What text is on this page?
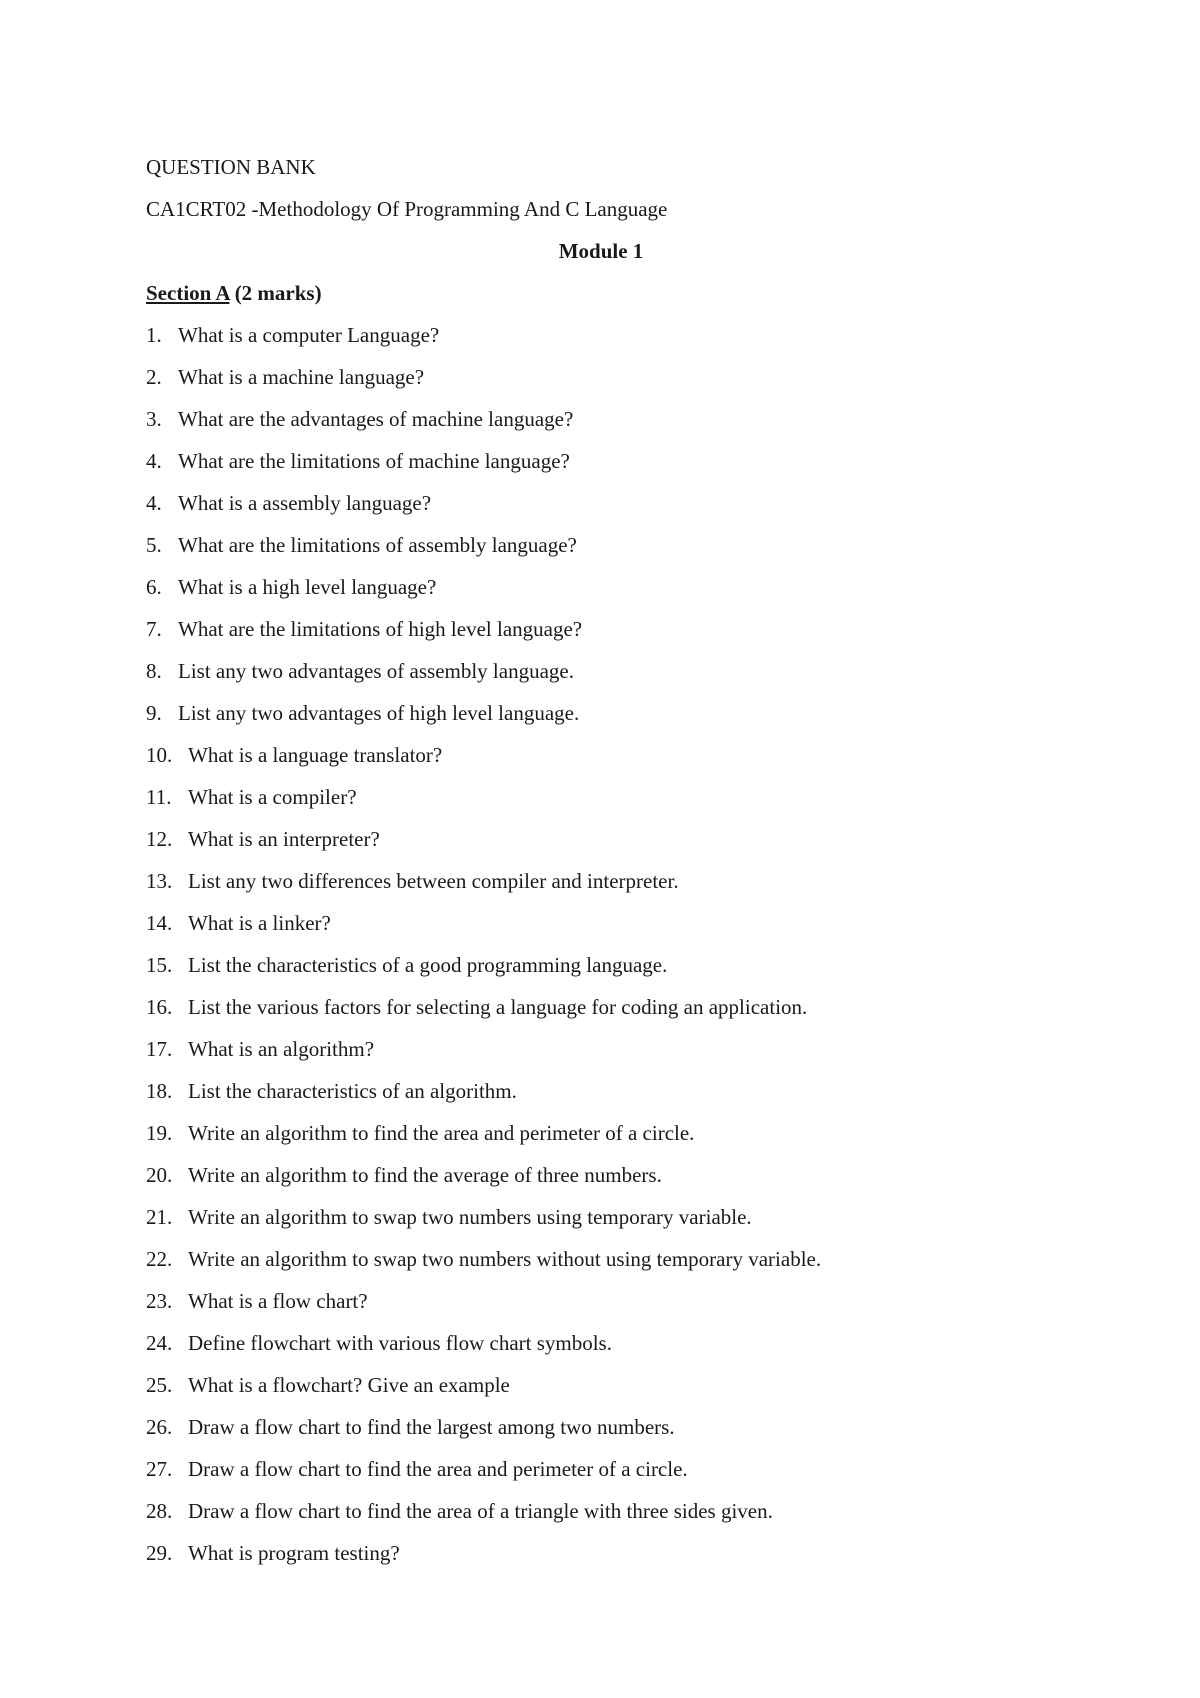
QUESTION BANK
CA1CRT02 -Methodology Of Programming And C Language
Module 1
Section A (2 marks)
1. What is a computer Language?
2. What is a machine language?
3. What are the advantages of machine language?
4. What are the limitations of machine language?
4. What is a assembly language?
5. What are the limitations of assembly language?
6. What is a high level language?
7. What are the limitations of high level language?
8. List any two advantages of assembly language.
9. List any two advantages of high level language.
10. What is a language translator?
11. What is a compiler?
12. What is an interpreter?
13. List any two differences between compiler and interpreter.
14. What is a linker?
15. List the characteristics of a good programming language.
16. List the various factors for selecting a language for coding an application.
17. What is an algorithm?
18. List the characteristics of an algorithm.
19. Write an algorithm to find the area and perimeter of a circle.
20. Write an algorithm to find the average of three numbers.
21. Write an algorithm to swap two numbers using temporary variable.
22. Write an algorithm to swap two numbers without using temporary variable.
23. What is a flow chart?
24. Define flowchart with various flow chart symbols.
25. What is a flowchart? Give an example
26. Draw a flow chart to find the largest among two numbers.
27. Draw a flow chart to find the area and perimeter of a circle.
28. Draw a flow chart to find the area of a triangle with three sides given.
29. What is program testing?
